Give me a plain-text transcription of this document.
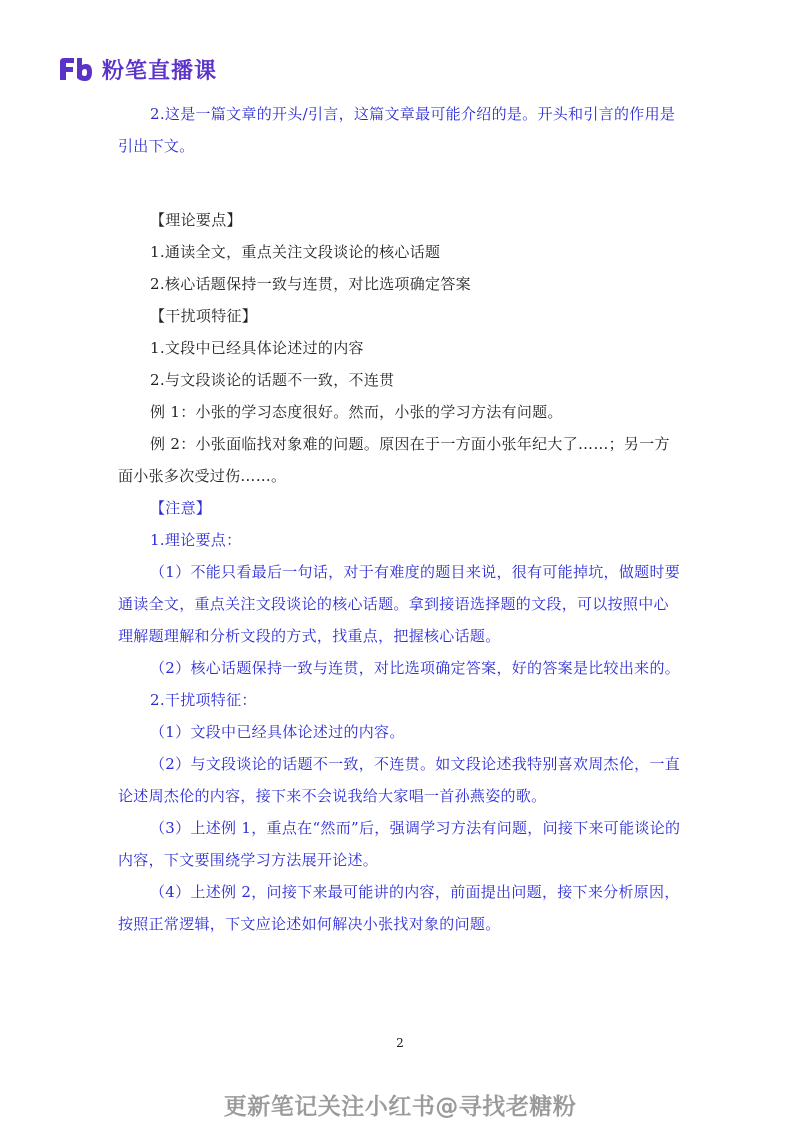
粉笔直播课

2.这是一篇文章的开头/引言，这篇文章最可能介绍的是。开头和引言的作用是引出下文。

【理论要点】

1.通读全文，重点关注文段谈论的核心话题

2.核心话题保持一致与连贯，对比选项确定答案

【干扰项特征】

1.文段中已经具体论述过的内容

2.与文段谈论的话题不一致，不连贯

例 1：小张的学习态度很好。然而，小张的学习方法有问题。

例 2：小张面临找对象难的问题。原因在于一方面小张年纪大了……；另一方面小张多次受过伤……。

【注意】

1.理论要点：

（1）不能只看最后一句话，对于有难度的题目来说，很有可能掉坑，做题时要通读全文，重点关注文段谈论的核心话题。拿到接语选择题的文段，可以按照中心理解题理解和分析文段的方式，找重点，把握核心话题。

（2）核心话题保持一致与连贯，对比选项确定答案，好的答案是比较出来的。

2.干扰项特征：

（1）文段中已经具体论述过的内容。

（2）与文段谈论的话题不一致，不连贯。如文段论述我特别喜欢周杰伦，一直论述周杰伦的内容，接下来不会说我给大家唱一首孙燕姿的歌。

（3）上述例 1，重点在“然而”后，强调学习方法有问题，问接下来可能谈论的内容，下文要围绕学习方法展开论述。

（4）上述例 2，问接下来最可能讲的内容，前面提出问题，接下来分析原因，按照正常逻辑，下文应论述如何解决小张找对象的问题。

2
更新笔记关注小红书@寻找老糖粉
